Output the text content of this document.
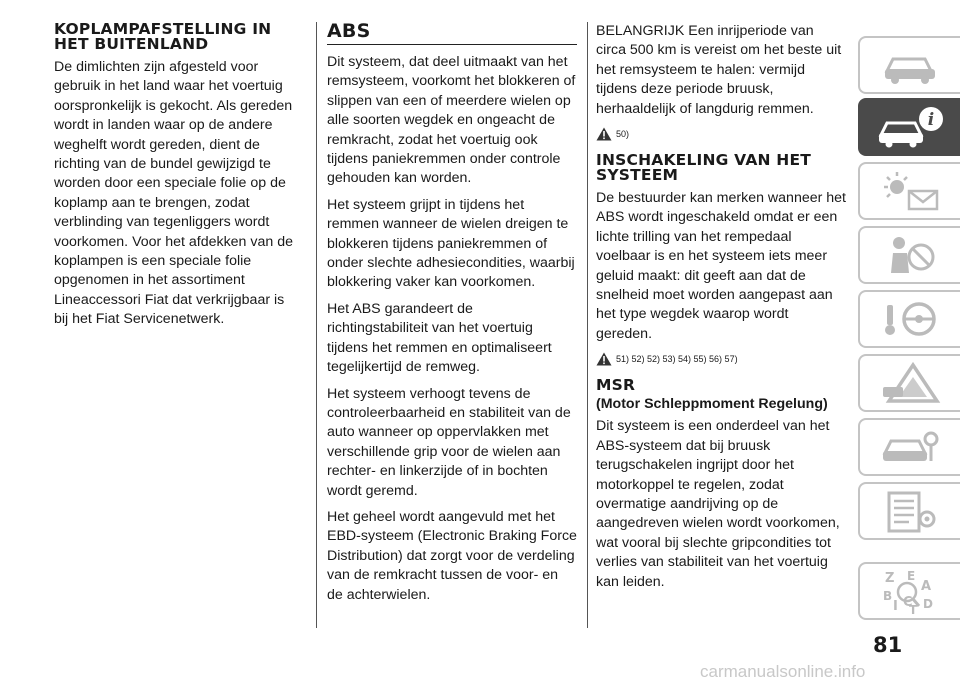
KOPLAMPAFSTELLING IN HET BUITENLAND

De dimlichten zijn afgesteld voor gebruik in het land waar het voertuig oorspronkelijk is gekocht. Als gereden wordt in landen waar op de andere weghelft wordt gereden, dient de richting van de bundel gewijzigd te worden door een speciale folie op de koplamp aan te brengen, zodat verblinding van tegenliggers wordt voorkomen. Voor het afdekken van de koplampen is een speciale folie opgenomen in het assortiment Lineaccessori Fiat dat verkrijgbaar is bij het Fiat Servicenetwerk.

ABS

Dit systeem, dat deel uitmaakt van het remsysteem, voorkomt het blokkeren of slippen van een of meerdere wielen op alle soorten wegdek en ongeacht de remkracht, zodat het voertuig ook tijdens paniekremmen onder controle gehouden kan worden.

Het systeem grijpt in tijdens het remmen wanneer de wielen dreigen te blokkeren tijdens paniekremmen of onder slechte adhesiecondities, waarbij blokkering vaker kan voorkomen.

Het ABS garandeert de richtingstabiliteit van het voertuig tijdens het remmen en optimaliseert tegelijkertijd de remweg.

Het systeem verhoogt tevens de controleerbaarheid en stabiliteit van de auto wanneer op oppervlakken met verschillende grip voor de wielen aan rechter- en linkerzijde of in bochten wordt geremd.

Het geheel wordt aangevuld met het EBD-systeem (Electronic Braking Force Distribution) dat zorgt voor de verdeling van de remkracht tussen de voor- en de achterwielen.

BELANGRIJK Een inrijperiode van circa 500 km is vereist om het beste uit het remsysteem te halen: vermijd tijdens deze periode bruusk, herhaaldelijk of langdurig remmen.

50)
INSCHAKELING VAN HET SYSTEEM

De bestuurder kan merken wanneer het ABS wordt ingeschakeld omdat er een lichte trilling van het rempedaal voelbaar is en het systeem iets meer geluid maakt: dit geeft aan dat de snelheid moet worden aangepast aan het type wegdek waarop wordt gereden.

51) 52) 52) 53) 54) 55) 56) 57)
MSR
(Motor Schleppmoment Regelung)

Dit systeem is een onderdeel van het ABS-systeem dat bij bruusk terugschakelen ingrijpt door het motorkoppel te regelen, zodat overmatige aandrijving op de aangedreven wielen wordt voorkomen, wat vooral bij slechte gripcondities tot verlies van stabiliteit van het voertuig kan leiden.

i
Z E
A
B
I C
T D
81
carmanualsonline.info
